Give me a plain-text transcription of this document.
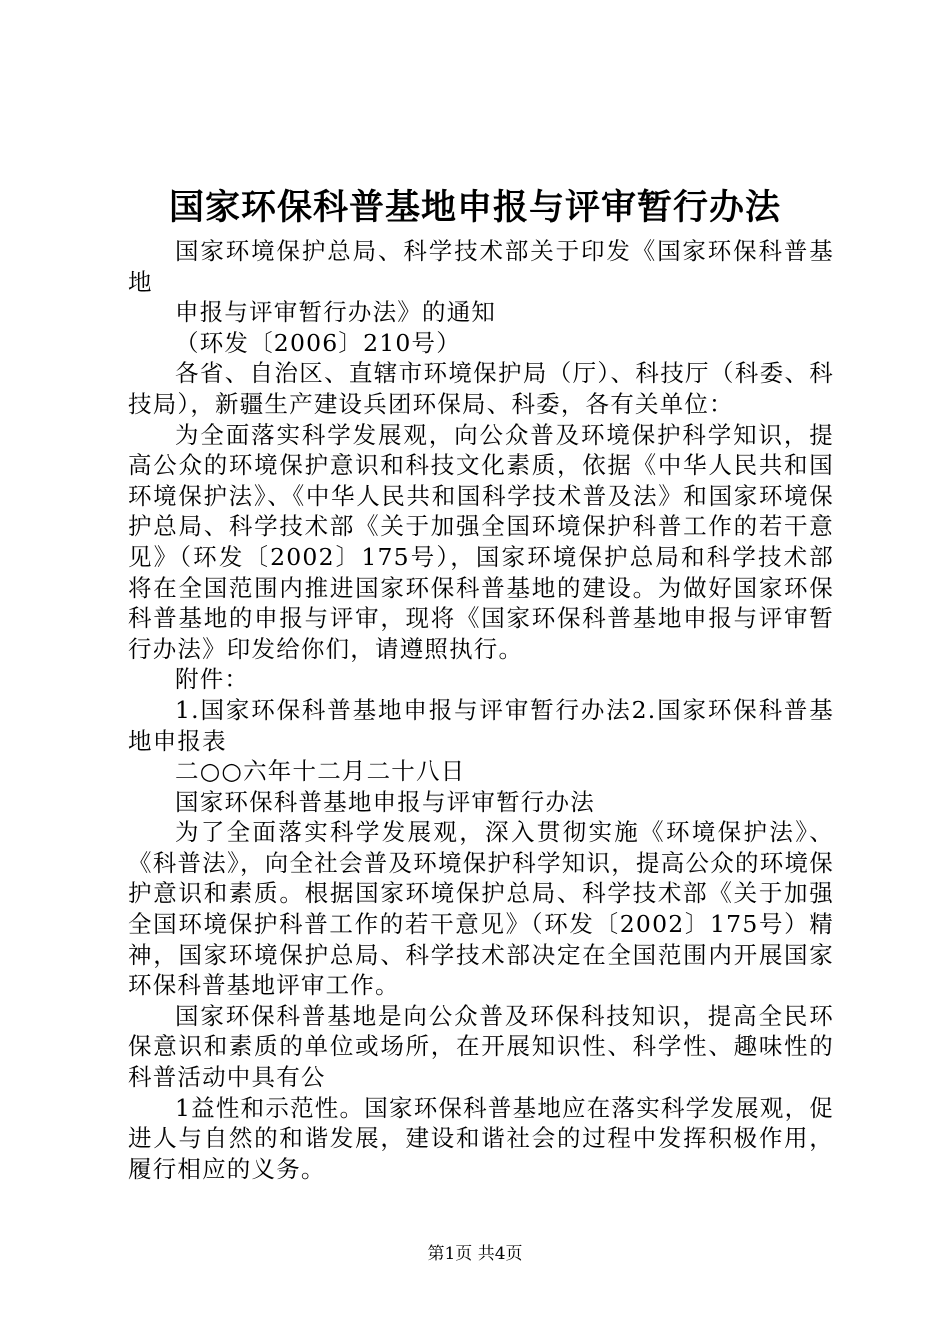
国家环保科普基地申报与评审暂行办法

国家环境保护总局、科学技术部关于印发《国家环保科普基地

申报与评审暂行办法》的通知

（环发〔2006〕210号）

各省、自治区、直辖市环境保护局（厅）、科技厅（科委、科技局），新疆生产建设兵团环保局、科委，各有关单位：

为全面落实科学发展观，向公众普及环境保护科学知识，提高公众的环境保护意识和科技文化素质，依据《中华人民共和国环境保护法》、《中华人民共和国科学技术普及法》和国家环境保护总局、科学技术部《关于加强全国环境保护科普工作的若干意见》（环发〔2002〕175号），国家环境保护总局和科学技术部将在全国范围内推进国家环保科普基地的建设。为做好国家环保科普基地的申报与评审，现将《国家环保科普基地申报与评审暂行办法》印发给你们，请遵照执行。

附件：

1.国家环保科普基地申报与评审暂行办法2.国家环保科普基地申报表

二○○六年十二月二十八日

国家环保科普基地申报与评审暂行办法

为了全面落实科学发展观，深入贯彻实施《环境保护法》、《科普法》，向全社会普及环境保护科学知识，提高公众的环境保护意识和素质。根据国家环境保护总局、科学技术部《关于加强全国环境保护科普工作的若干意见》（环发〔2002〕175号）精神，国家环境保护总局、科学技术部决定在全国范围内开展国家环保科普基地评审工作。

国家环保科普基地是向公众普及环保科技知识，提高全民环保意识和素质的单位或场所，在开展知识性、科学性、趣味性的科普活动中具有公

1益性和示范性。国家环保科普基地应在落实科学发展观，促进人与自然的和谐发展，建设和谐社会的过程中发挥积极作用，履行相应的义务。

第1页 共4页
